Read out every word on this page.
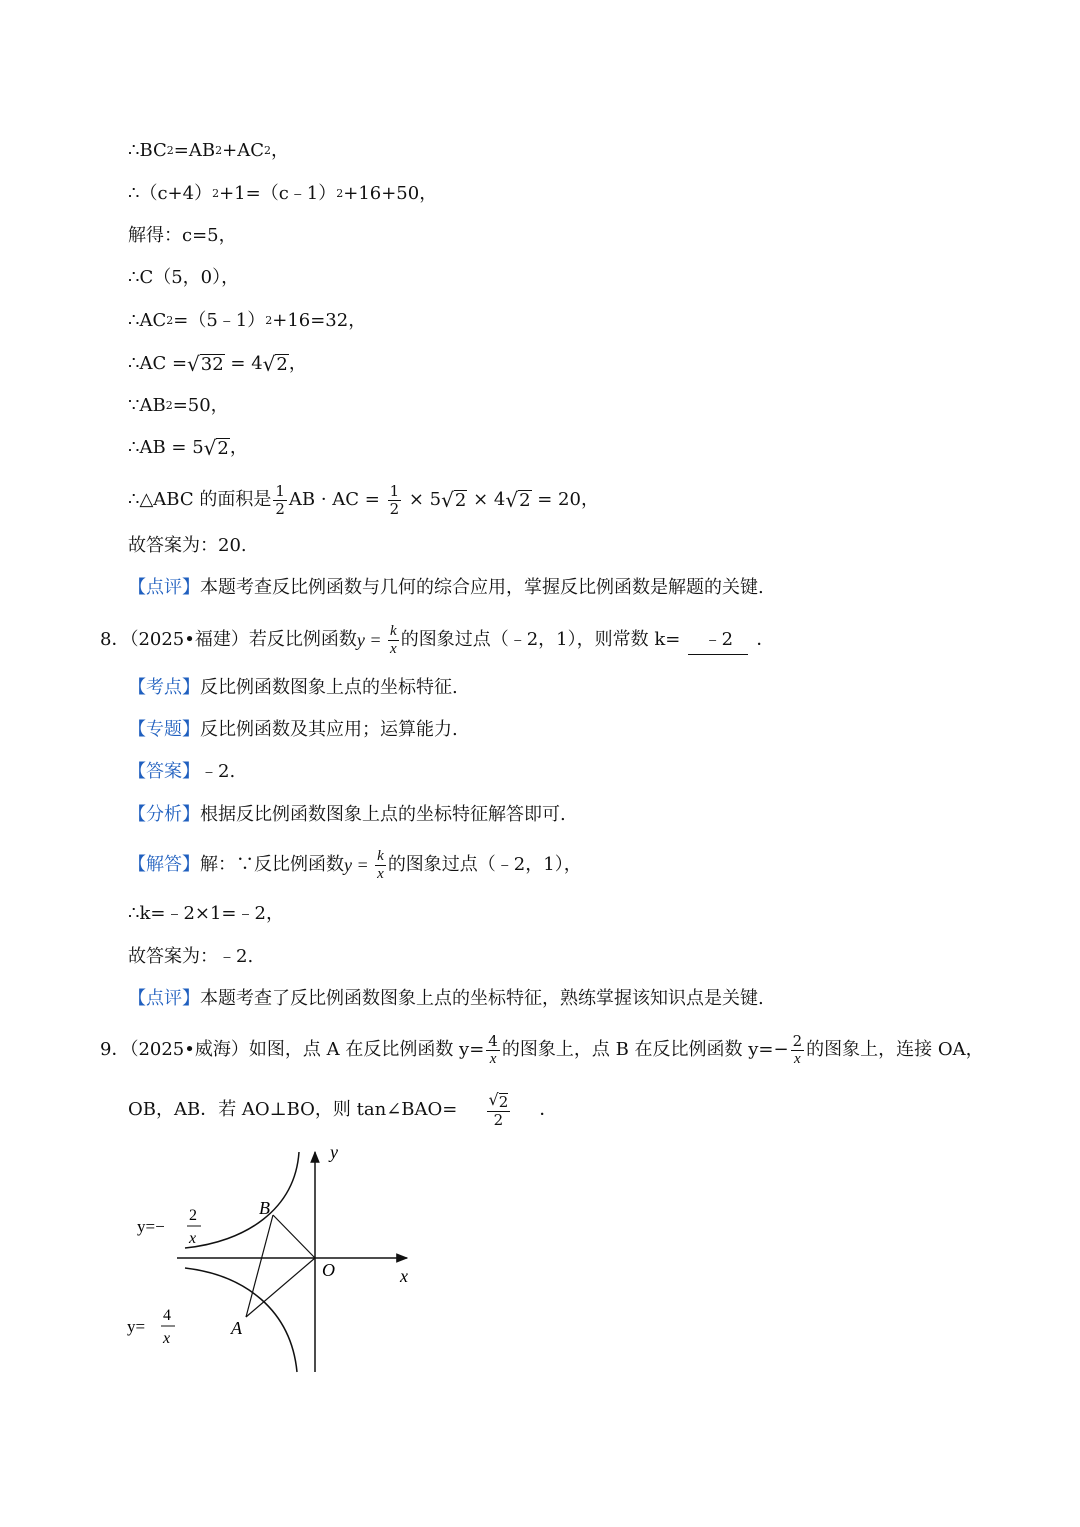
∴BC 2 =AB 2 +AC 2 ，
∴（c+4） 2 +1=（c﹣1） 2 +16+50，
解得：c=5，
∴C（5，0），
∴AC 2 =（5﹣1） 2 +16=32，
∴AC = √ 32 = 4 √ 2 ，
∵AB 2 =50，
∴AB = 5 √ 2 ，
∴△ABC 的面积是 $\frac{1}{2}$ AB · AC = $\frac{1}{2} \times 5$ √ 2 × 4 √ 2 = 20，
故答案为：20.
【点评】 本题考查反比例函数与几何的综合应用，掌握反比例函数是解题的关键.
8．（2025•福建）若反比例函数 $y = \frac{k}{x}$ 的图象过点（﹣2，1），则常数 k=	﹣2	．
【考点】 反比例函数图象上点的坐标特征.
【专题】 反比例函数及其应用；运算能力.
【答案】 ﹣2.
【分析】 根据反比例函数图象上点的坐标特征解答即可.
【解答】 解：∵反比例函数 $y = \frac{k}{x}$ 的图象过点（﹣2，1），
∴k=﹣2×1=﹣2，
故答案为：﹣2.
【点评】 本题考查了反比例函数图象上点的坐标特征，熟练掌握该知识点是关键.
9．（2025•威海）如图，点 A 在反比例函数 $y= \frac{4}{x}$ 的图象上，点 B 在反比例函数 $y=- \frac{2}{x}$ 的图象上，连接 OA，
OB，AB．若 AO⊥BO，则 tan∠BAO= $\frac{√ 2}{2}$ ．
y
x
O
A
B
y=−
2
x
y=
4
x
